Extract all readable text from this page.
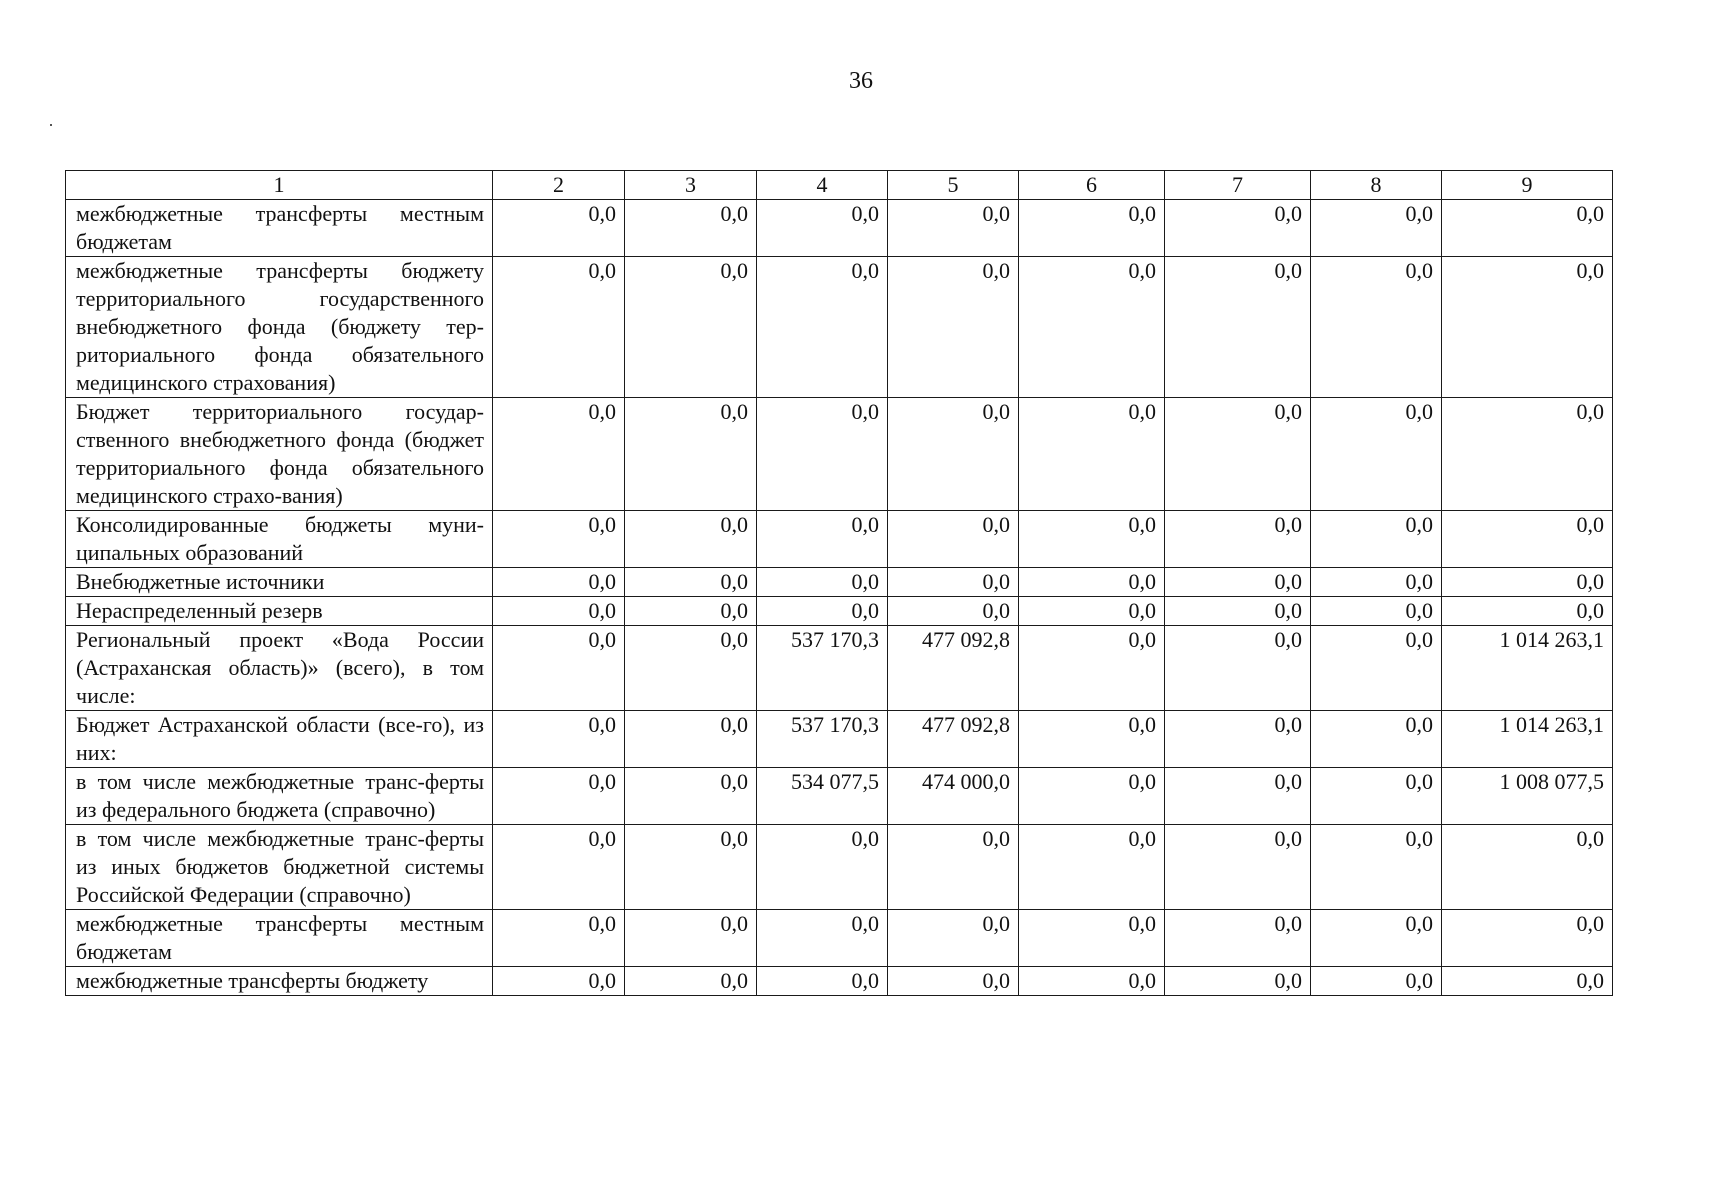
36
1	2	3	4	5	6	7	8	9
межбюджетные трансферты местным бюджетам	0,0	0,0	0,0	0,0	0,0	0,0	0,0	0,0
межбюджетные трансферты бюджету территориального государственного внебюджетного фонда (бюджету тер-риториального фонда обязательного медицинского страхования)	0,0	0,0	0,0	0,0	0,0	0,0	0,0	0,0
Бюджет территориального государ-ственного внебюджетного фонда (бюджет территориального фонда обязательного медицинского страхо-вания)	0,0	0,0	0,0	0,0	0,0	0,0	0,0	0,0
Консолидированные бюджеты муни-ципальных образований	0,0	0,0	0,0	0,0	0,0	0,0	0,0	0,0
Внебюджетные источники	0,0	0,0	0,0	0,0	0,0	0,0	0,0	0,0
Нераспределенный резерв	0,0	0,0	0,0	0,0	0,0	0,0	0,0	0,0
Региональный проект «Вода России (Астраханская область)» (всего), в том числе:	0,0	0,0	537 170,3	477 092,8	0,0	0,0	0,0	1 014 263,1
Бюджет Астраханской области (все-го), из них:	0,0	0,0	537 170,3	477 092,8	0,0	0,0	0,0	1 014 263,1
в том числе межбюджетные транс-ферты из федерального бюджета (справочно)	0,0	0,0	534 077,5	474 000,0	0,0	0,0	0,0	1 008 077,5
в том числе межбюджетные транс-ферты из иных бюджетов бюджетной системы Российской Федерации (справочно)	0,0	0,0	0,0	0,0	0,0	0,0	0,0	0,0
межбюджетные трансферты местным бюджетам	0,0	0,0	0,0	0,0	0,0	0,0	0,0	0,0
межбюджетные трансферты бюджету	0,0	0,0	0,0	0,0	0,0	0,0	0,0	0,0
